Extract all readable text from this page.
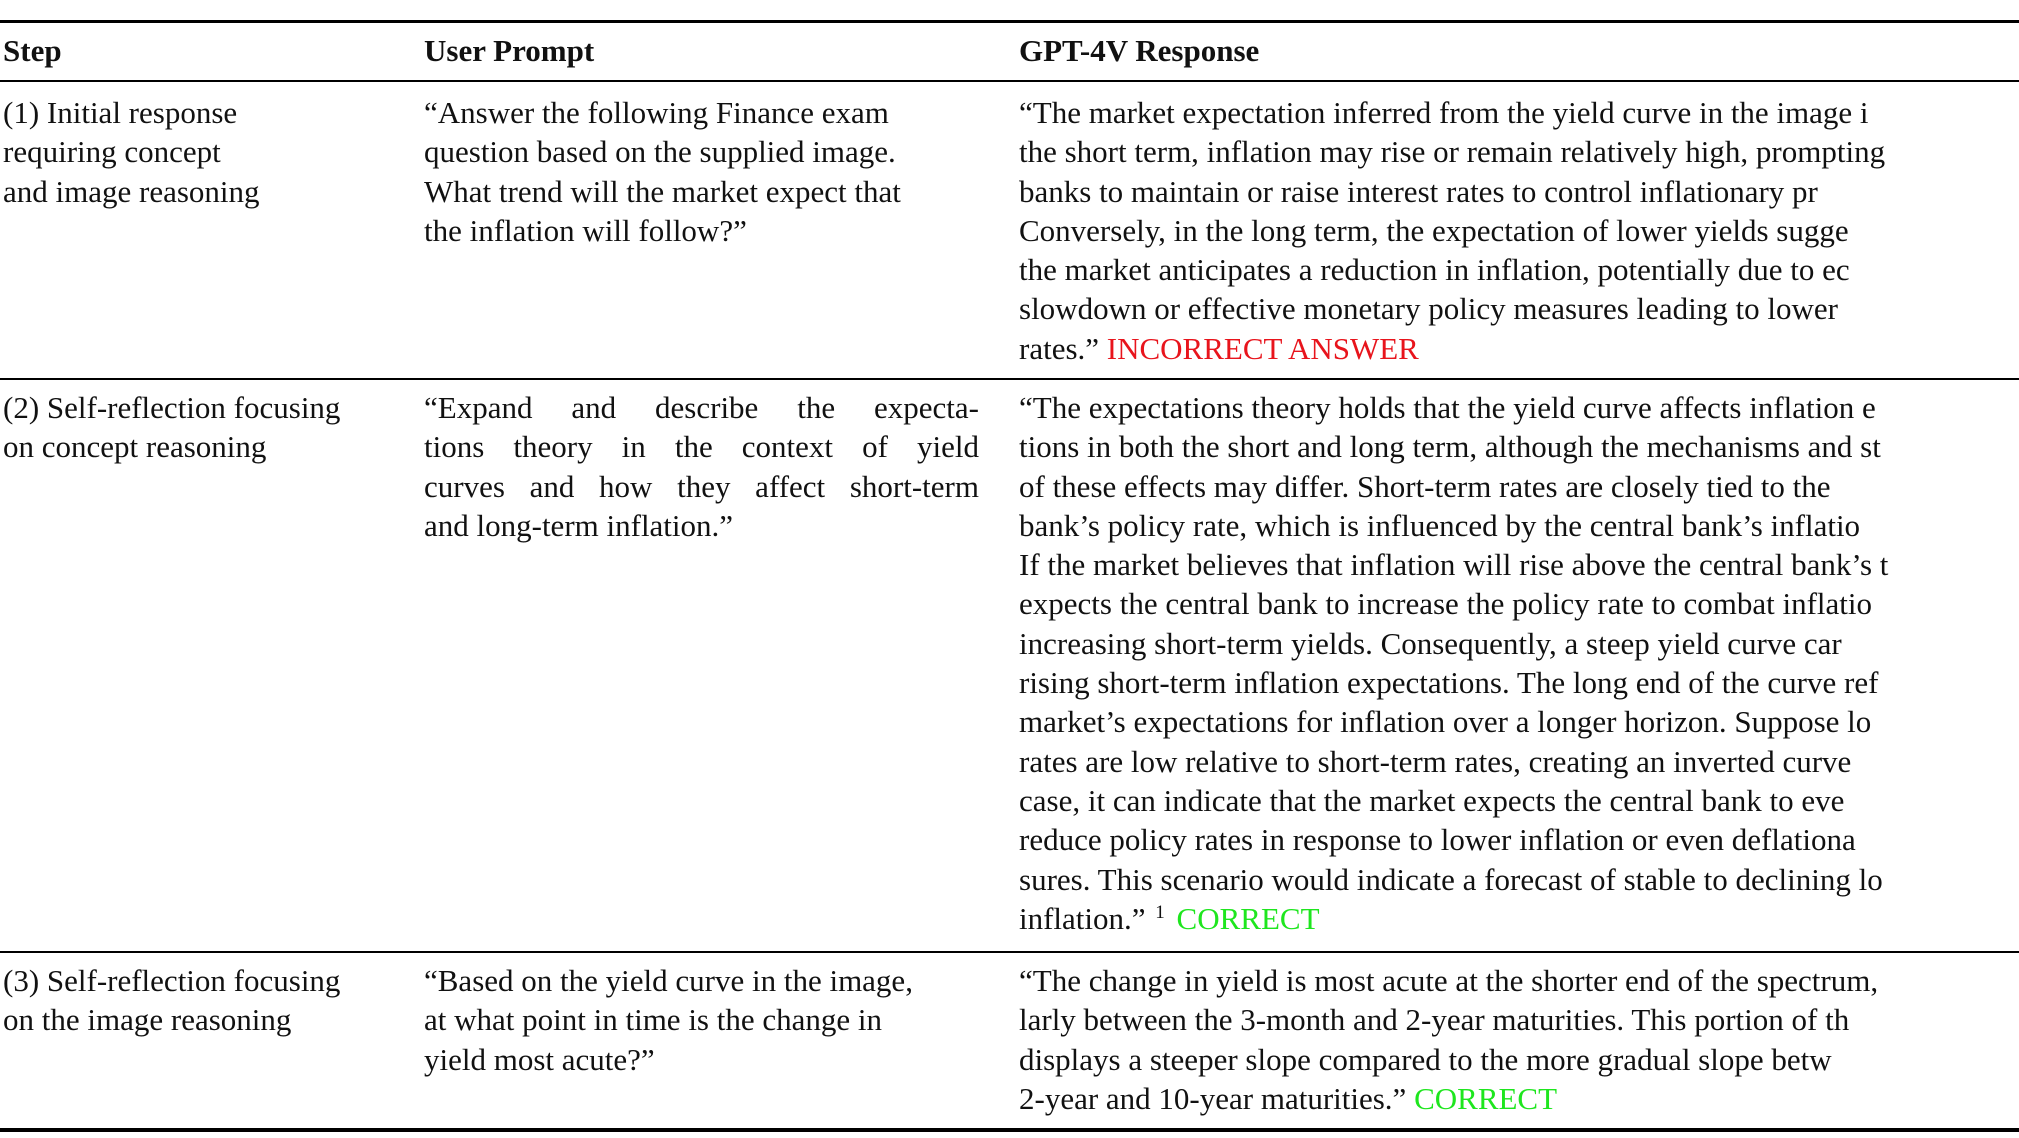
Step	User Prompt	GPT-4V Response
(1) Initial response
requiring concept
and image reasoning
“Answer the following Finance exam
question based on the supplied image.
What trend will the market expect that
the inflation will follow?”
“The market expectation inferred from the yield curve in the image i
the short term, inflation may rise or remain relatively high, prompting
banks to maintain or raise interest rates to control inflationary pr
Conversely, in the long term, the expectation of lower yields sugge
the market anticipates a reduction in inflation, potentially due to ec
slowdown or effective monetary policy measures leading to lower
rates.” INCORRECT ANSWER
(2) Self-reflection focusing
on concept reasoning
“Expand and describe the expecta-
tions theory in the context of yield
curves and how they affect short-term
and long-term inflation.”
“The expectations theory holds that the yield curve affects inflation e
tions in both the short and long term, although the mechanisms and st
of these effects may differ. Short-term rates are closely tied to the
bank’s policy rate, which is influenced by the central bank’s inflatio
If the market believes that inflation will rise above the central bank’s t
expects the central bank to increase the policy rate to combat inflatio
increasing short-term yields. Consequently, a steep yield curve car
rising short-term inflation expectations. The long end of the curve ref
market’s expectations for inflation over a longer horizon. Suppose lo
rates are low relative to short-term rates, creating an inverted curve
case, it can indicate that the market expects the central bank to eve
reduce policy rates in response to lower inflation or even deflationa
sures. This scenario would indicate a forecast of stable to declining lo
inflation.” $^1$ CORRECT
(3) Self-reflection focusing
on the image reasoning
“Based on the yield curve in the image,
at what point in time is the change in
yield most acute?”
“The change in yield is most acute at the shorter end of the spectrum,
larly between the 3-month and 2-year maturities. This portion of th
displays a steeper slope compared to the more gradual slope betw
2-year and 10-year maturities.” CORRECT
